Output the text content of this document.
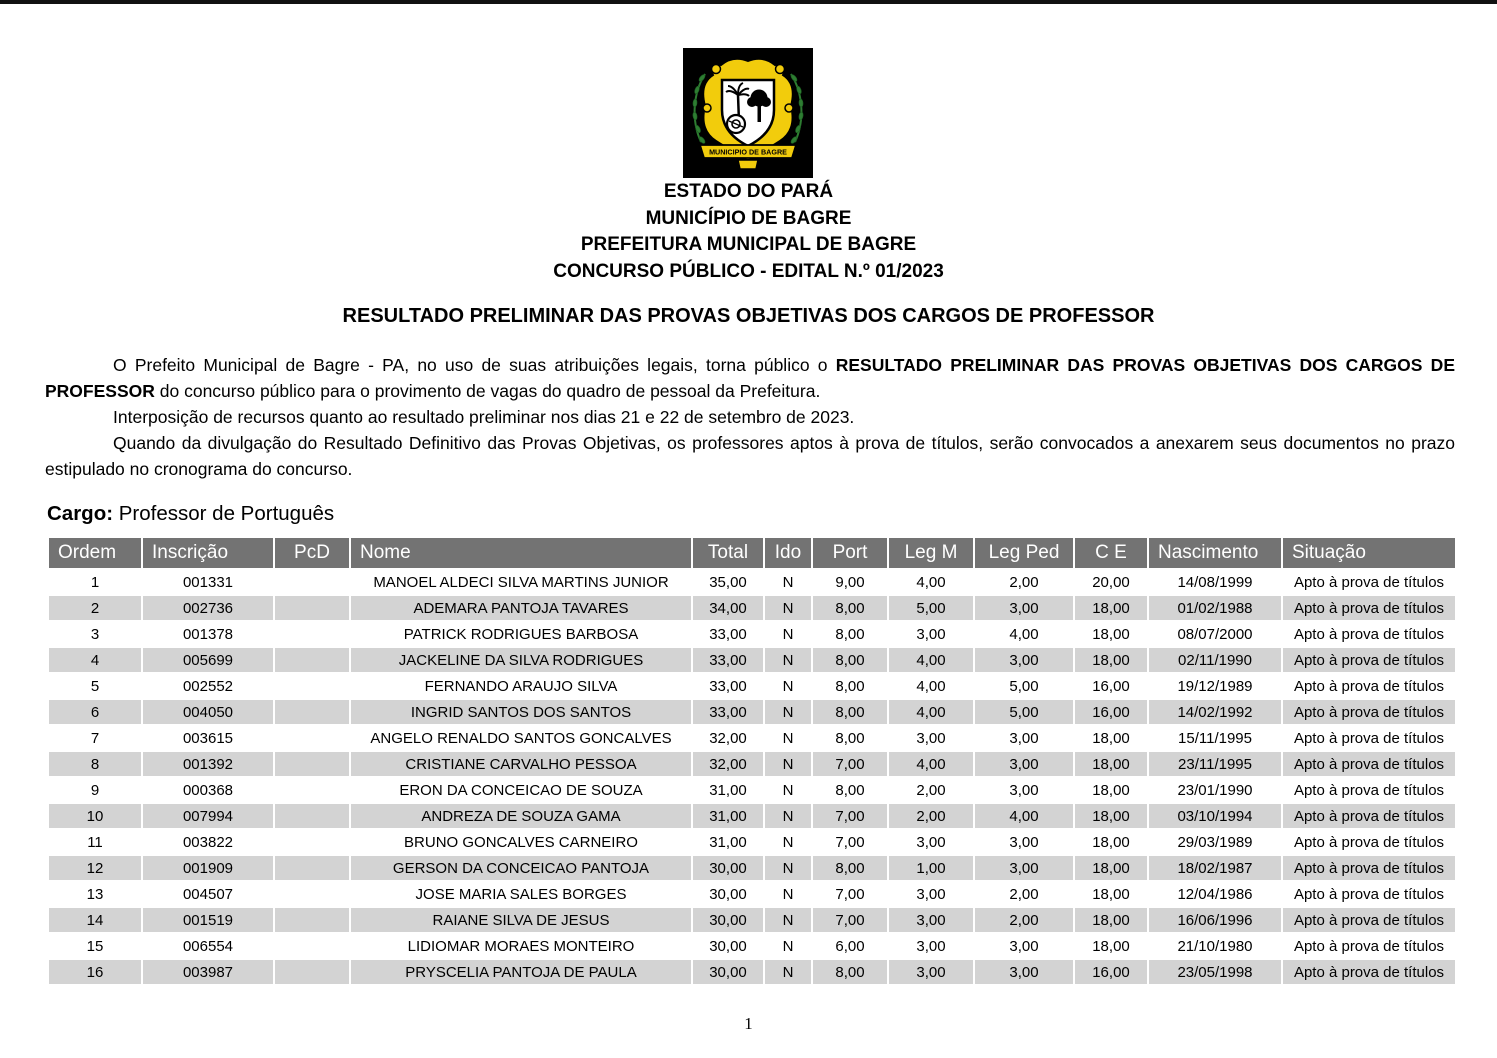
MUNICIPIO DE BAGRE
ESTADO DO PARÁ
MUNICÍPIO DE BAGRE
PREFEITURA MUNICIPAL DE BAGRE
CONCURSO PÚBLICO - EDITAL N.º 01/2023
RESULTADO PRELIMINAR DAS PROVAS OBJETIVAS DOS CARGOS DE PROFESSOR

O Prefeito Municipal de Bagre - PA, no uso de suas atribuições legais, torna público o RESULTADO PRELIMINAR DAS PROVAS OBJETIVAS DOS CARGOS DE PROFESSOR do concurso público para o provimento de vagas do quadro de pessoal da Prefeitura.

Interposição de recursos quanto ao resultado preliminar nos dias 21 e 22 de setembro de 2023.

Quando da divulgação do Resultado Definitivo das Provas Objetivas, os professores aptos à prova de títulos, serão convocados a anexarem seus documentos no prazo estipulado no cronograma do concurso.

Cargo: Professor de Português
Ordem	Inscrição	PcD	Nome	Total	Ido	Port	Leg M	Leg Ped	C E	Nascimento	Situação
1	001331		MANOEL ALDECI SILVA MARTINS JUNIOR	35,00	N	9,00	4,00	2,00	20,00	14/08/1999	Apto à prova de títulos
2	002736		ADEMARA PANTOJA TAVARES	34,00	N	8,00	5,00	3,00	18,00	01/02/1988	Apto à prova de títulos
3	001378		PATRICK RODRIGUES BARBOSA	33,00	N	8,00	3,00	4,00	18,00	08/07/2000	Apto à prova de títulos
4	005699		JACKELINE DA SILVA RODRIGUES	33,00	N	8,00	4,00	3,00	18,00	02/11/1990	Apto à prova de títulos
5	002552		FERNANDO ARAUJO SILVA	33,00	N	8,00	4,00	5,00	16,00	19/12/1989	Apto à prova de títulos
6	004050		INGRID SANTOS DOS SANTOS	33,00	N	8,00	4,00	5,00	16,00	14/02/1992	Apto à prova de títulos
7	003615		ANGELO RENALDO SANTOS GONCALVES	32,00	N	8,00	3,00	3,00	18,00	15/11/1995	Apto à prova de títulos
8	001392		CRISTIANE CARVALHO PESSOA	32,00	N	7,00	4,00	3,00	18,00	23/11/1995	Apto à prova de títulos
9	000368		ERON DA CONCEICAO DE SOUZA	31,00	N	8,00	2,00	3,00	18,00	23/01/1990	Apto à prova de títulos
10	007994		ANDREZA DE SOUZA GAMA	31,00	N	7,00	2,00	4,00	18,00	03/10/1994	Apto à prova de títulos
11	003822		BRUNO GONCALVES CARNEIRO	31,00	N	7,00	3,00	3,00	18,00	29/03/1989	Apto à prova de títulos
12	001909		GERSON DA CONCEICAO PANTOJA	30,00	N	8,00	1,00	3,00	18,00	18/02/1987	Apto à prova de títulos
13	004507		JOSE MARIA SALES BORGES	30,00	N	7,00	3,00	2,00	18,00	12/04/1986	Apto à prova de títulos
14	001519		RAIANE SILVA DE JESUS	30,00	N	7,00	3,00	2,00	18,00	16/06/1996	Apto à prova de títulos
15	006554		LIDIOMAR MORAES MONTEIRO	30,00	N	6,00	3,00	3,00	18,00	21/10/1980	Apto à prova de títulos
16	003987		PRYSCELIA PANTOJA DE PAULA	30,00	N	8,00	3,00	3,00	16,00	23/05/1998	Apto à prova de títulos
1
